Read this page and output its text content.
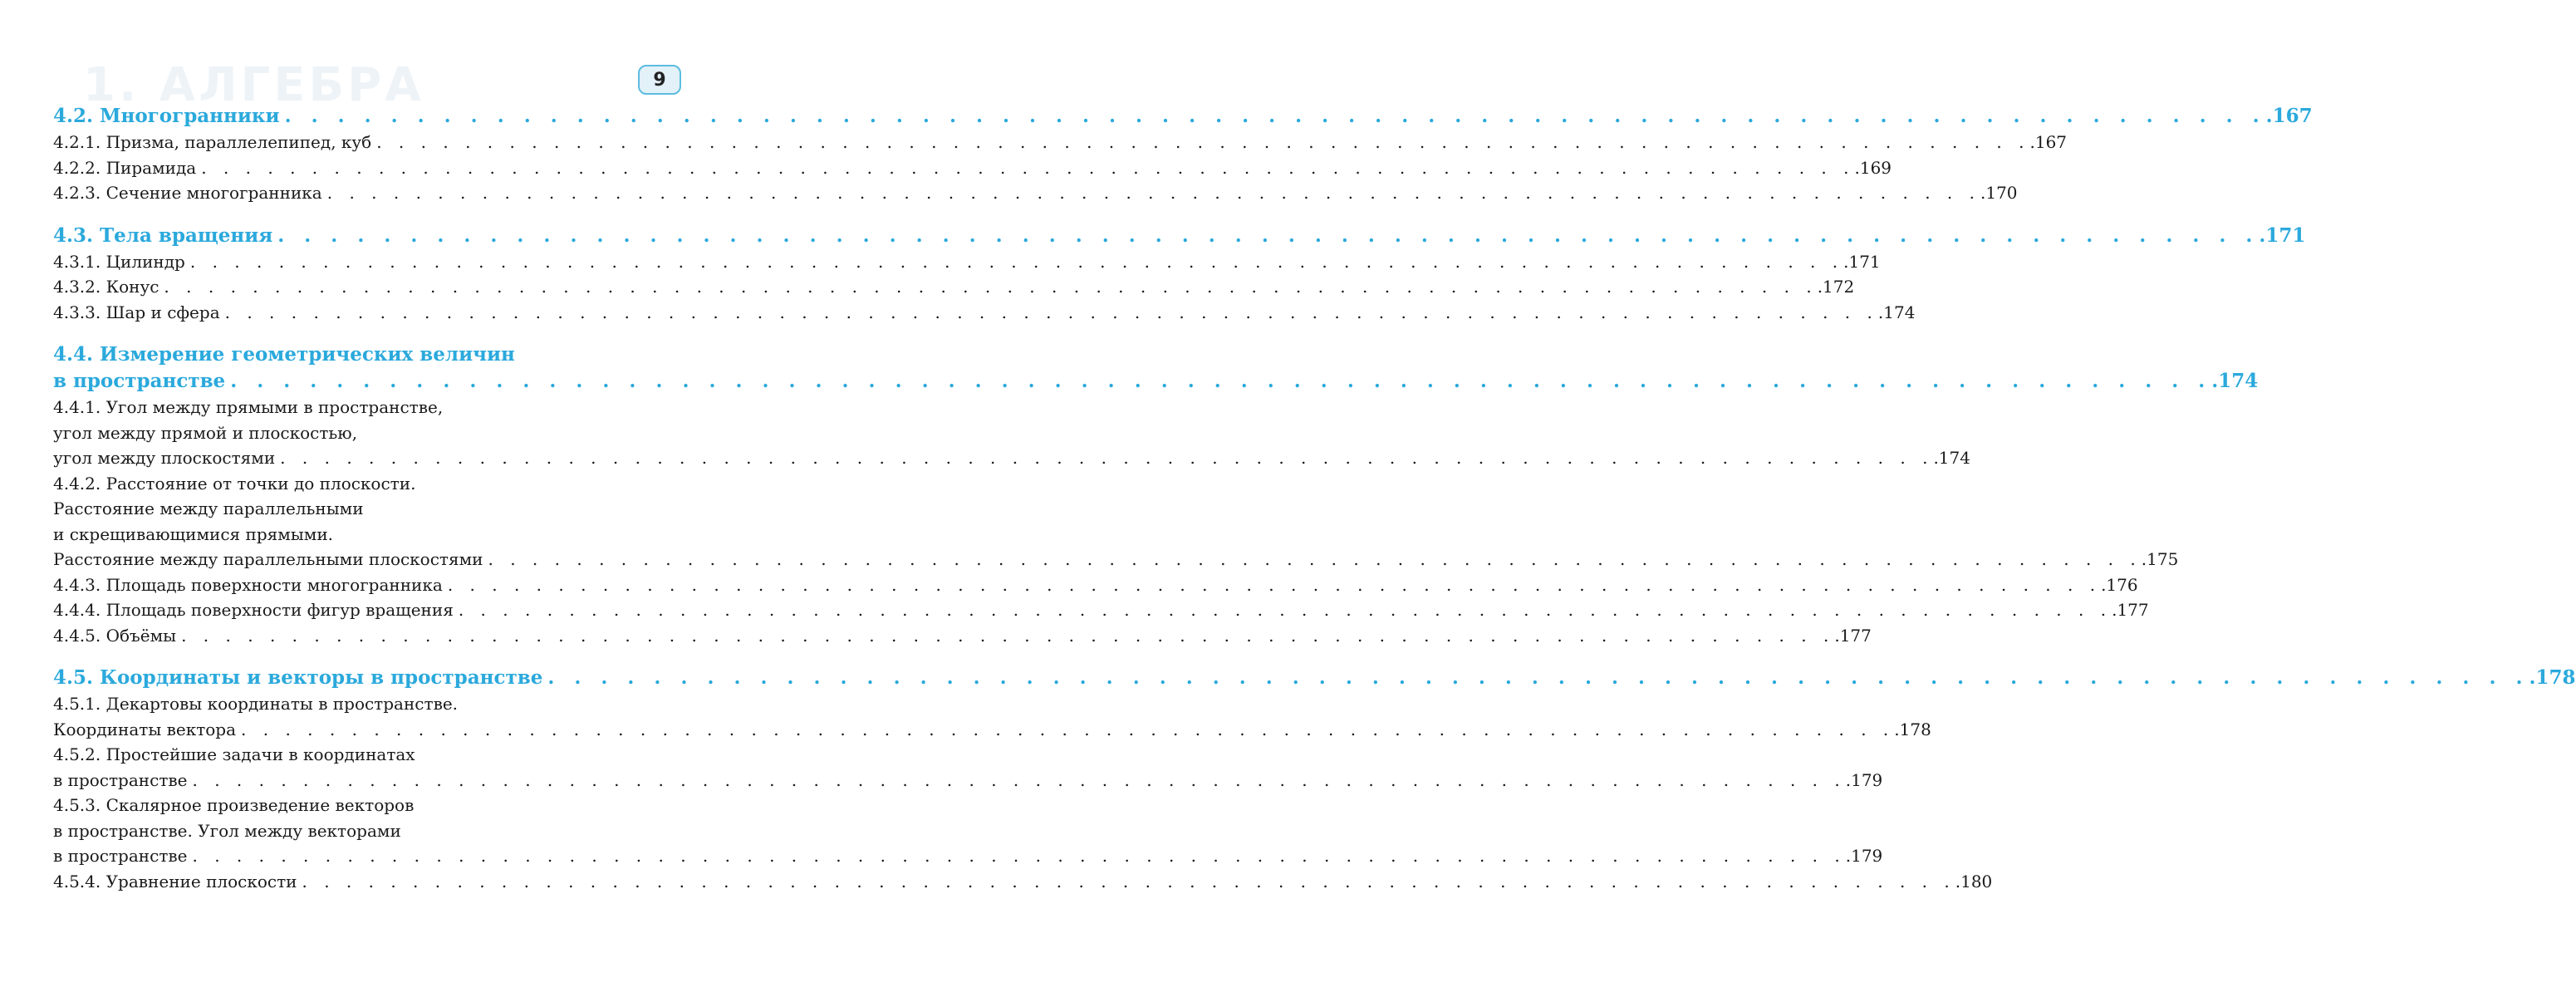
1. АЛГЕБРА	9
4.2. Многогранники . . . . . . . . . . . . . . . . . . . . . . . . . . . . . . . . . . . . . . . . . . . . . . . . . . . . . . . . . . . . . . . . . . . . . . . . . . . .167
4.2.1. Призма, параллелепипед, куб . . . . . . . . . . . . . . . . . . . . . . . . . . . . . . . . . . . . . . . . . . . . . . . . . . . . . . . . . . . . . . . . . . . . . . . . . . . .167
4.2.2. Пирамида . . . . . . . . . . . . . . . . . . . . . . . . . . . . . . . . . . . . . . . . . . . . . . . . . . . . . . . . . . . . . . . . . . . . . . . . . . . .169
4.2.3. Сечение многогранника . . . . . . . . . . . . . . . . . . . . . . . . . . . . . . . . . . . . . . . . . . . . . . . . . . . . . . . . . . . . . . . . . . . . . . . . . . . .170
4.3. Тела вращения . . . . . . . . . . . . . . . . . . . . . . . . . . . . . . . . . . . . . . . . . . . . . . . . . . . . . . . . . . . . . . . . . . . . . . . . . . . .171
4.3.1. Цилиндр . . . . . . . . . . . . . . . . . . . . . . . . . . . . . . . . . . . . . . . . . . . . . . . . . . . . . . . . . . . . . . . . . . . . . . . . . . . .171
4.3.2. Конус . . . . . . . . . . . . . . . . . . . . . . . . . . . . . . . . . . . . . . . . . . . . . . . . . . . . . . . . . . . . . . . . . . . . . . . . . . . .172
4.3.3. Шар и сфера . . . . . . . . . . . . . . . . . . . . . . . . . . . . . . . . . . . . . . . . . . . . . . . . . . . . . . . . . . . . . . . . . . . . . . . . . . . .174
4.4. Измерение геометрических величин
в пространстве . . . . . . . . . . . . . . . . . . . . . . . . . . . . . . . . . . . . . . . . . . . . . . . . . . . . . . . . . . . . . . . . . . . . . . . . . . . .174
4.4.1. Угол между прямыми в пространстве,
угол между прямой и плоскостью,
угол между плоскостями . . . . . . . . . . . . . . . . . . . . . . . . . . . . . . . . . . . . . . . . . . . . . . . . . . . . . . . . . . . . . . . . . . . . . . . . . . . .174
4.4.2. Расстояние от точки до плоскости.
Расстояние между параллельными
и скрещивающимися прямыми.
Расстояние между параллельными плоскостями . . . . . . . . . . . . . . . . . . . . . . . . . . . . . . . . . . . . . . . . . . . . . . . . . . . . . . . . . . . . . . . . . . . . . . . . . . . .175
4.4.3. Площадь поверхности многогранника . . . . . . . . . . . . . . . . . . . . . . . . . . . . . . . . . . . . . . . . . . . . . . . . . . . . . . . . . . . . . . . . . . . . . . . . . . . .176
4.4.4. Площадь поверхности фигур вращения . . . . . . . . . . . . . . . . . . . . . . . . . . . . . . . . . . . . . . . . . . . . . . . . . . . . . . . . . . . . . . . . . . . . . . . . . . . .177
4.4.5. Объёмы . . . . . . . . . . . . . . . . . . . . . . . . . . . . . . . . . . . . . . . . . . . . . . . . . . . . . . . . . . . . . . . . . . . . . . . . . . . .177
4.5. Координаты и векторы в пространстве . . . . . . . . . . . . . . . . . . . . . . . . . . . . . . . . . . . . . . . . . . . . . . . . . . . . . . . . . . . . . . . . . . . . . . . . . . . .178
4.5.1. Декартовы координаты в пространстве.
Координаты вектора . . . . . . . . . . . . . . . . . . . . . . . . . . . . . . . . . . . . . . . . . . . . . . . . . . . . . . . . . . . . . . . . . . . . . . . . . . . .178
4.5.2. Простейшие задачи в координатах
в пространстве . . . . . . . . . . . . . . . . . . . . . . . . . . . . . . . . . . . . . . . . . . . . . . . . . . . . . . . . . . . . . . . . . . . . . . . . . . . .179
4.5.3. Скалярное произведение векторов
в пространстве. Угол между векторами
в пространстве . . . . . . . . . . . . . . . . . . . . . . . . . . . . . . . . . . . . . . . . . . . . . . . . . . . . . . . . . . . . . . . . . . . . . . . . . . . .179
4.5.4. Уравнение плоскости . . . . . . . . . . . . . . . . . . . . . . . . . . . . . . . . . . . . . . . . . . . . . . . . . . . . . . . . . . . . . . . . . . . . . . . . . . . .180
